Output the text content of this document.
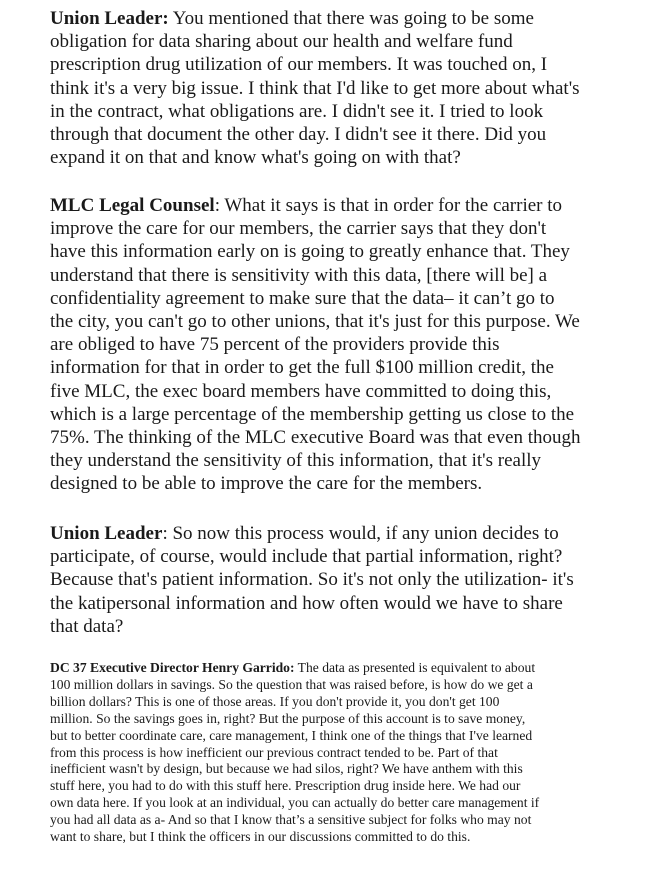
Union Leader: You mentioned that there was going to be some
obligation for data sharing about our health and welfare fund
prescription drug utilization of our members. It was touched on, I
think it's a very big issue. I think that I'd like to get more about what's
in the contract, what obligations are. I didn't see it. I tried to look
through that document the other day. I didn't see it there. Did you
expand it on that and know what's going on with that?

MLC Legal Counsel: What it says is that in order for the carrier to
improve the care for our members, the carrier says that they don't
have this information early on is going to greatly enhance that. They
understand that there is sensitivity with this data, [there will be] a
confidentiality agreement to make sure that the data– it can’t go to
the city, you can't go to other unions, that it's just for this purpose. We
are obliged to have 75 percent of the providers provide this
information for that in order to get the full $100 million credit, the
five MLC, the exec board members have committed to doing this,
which is a large percentage of the membership getting us close to the
75%. The thinking of the MLC executive Board was that even though
they understand the sensitivity of this information, that it's really
designed to be able to improve the care for the members.

Union Leader: So now this process would, if any union decides to
participate, of course, would include that partial information, right?
Because that's patient information. So it's not only the utilization- it's
the katipersonal information and how often would we have to share
that data?

DC 37 Executive Director Henry Garrido: The data as presented is equivalent to about
100 million dollars in savings. So the question that was raised before, is how do we get a
billion dollars? This is one of those areas. If you don't provide it, you don't get 100
million. So the savings goes in, right? But the purpose of this account is to save money,
but to better coordinate care, care management, I think one of the things that I've learned
from this process is how inefficient our previous contract tended to be. Part of that
inefficient wasn't by design, but because we had silos, right? We have anthem with this
stuff here, you had to do with this stuff here. Prescription drug inside here. We had our
own data here. If you look at an individual, you can actually do better care management if
you had all data as a- And so that I know that’s a sensitive subject for folks who may not
want to share, but I think the officers in our discussions committed to do this.
